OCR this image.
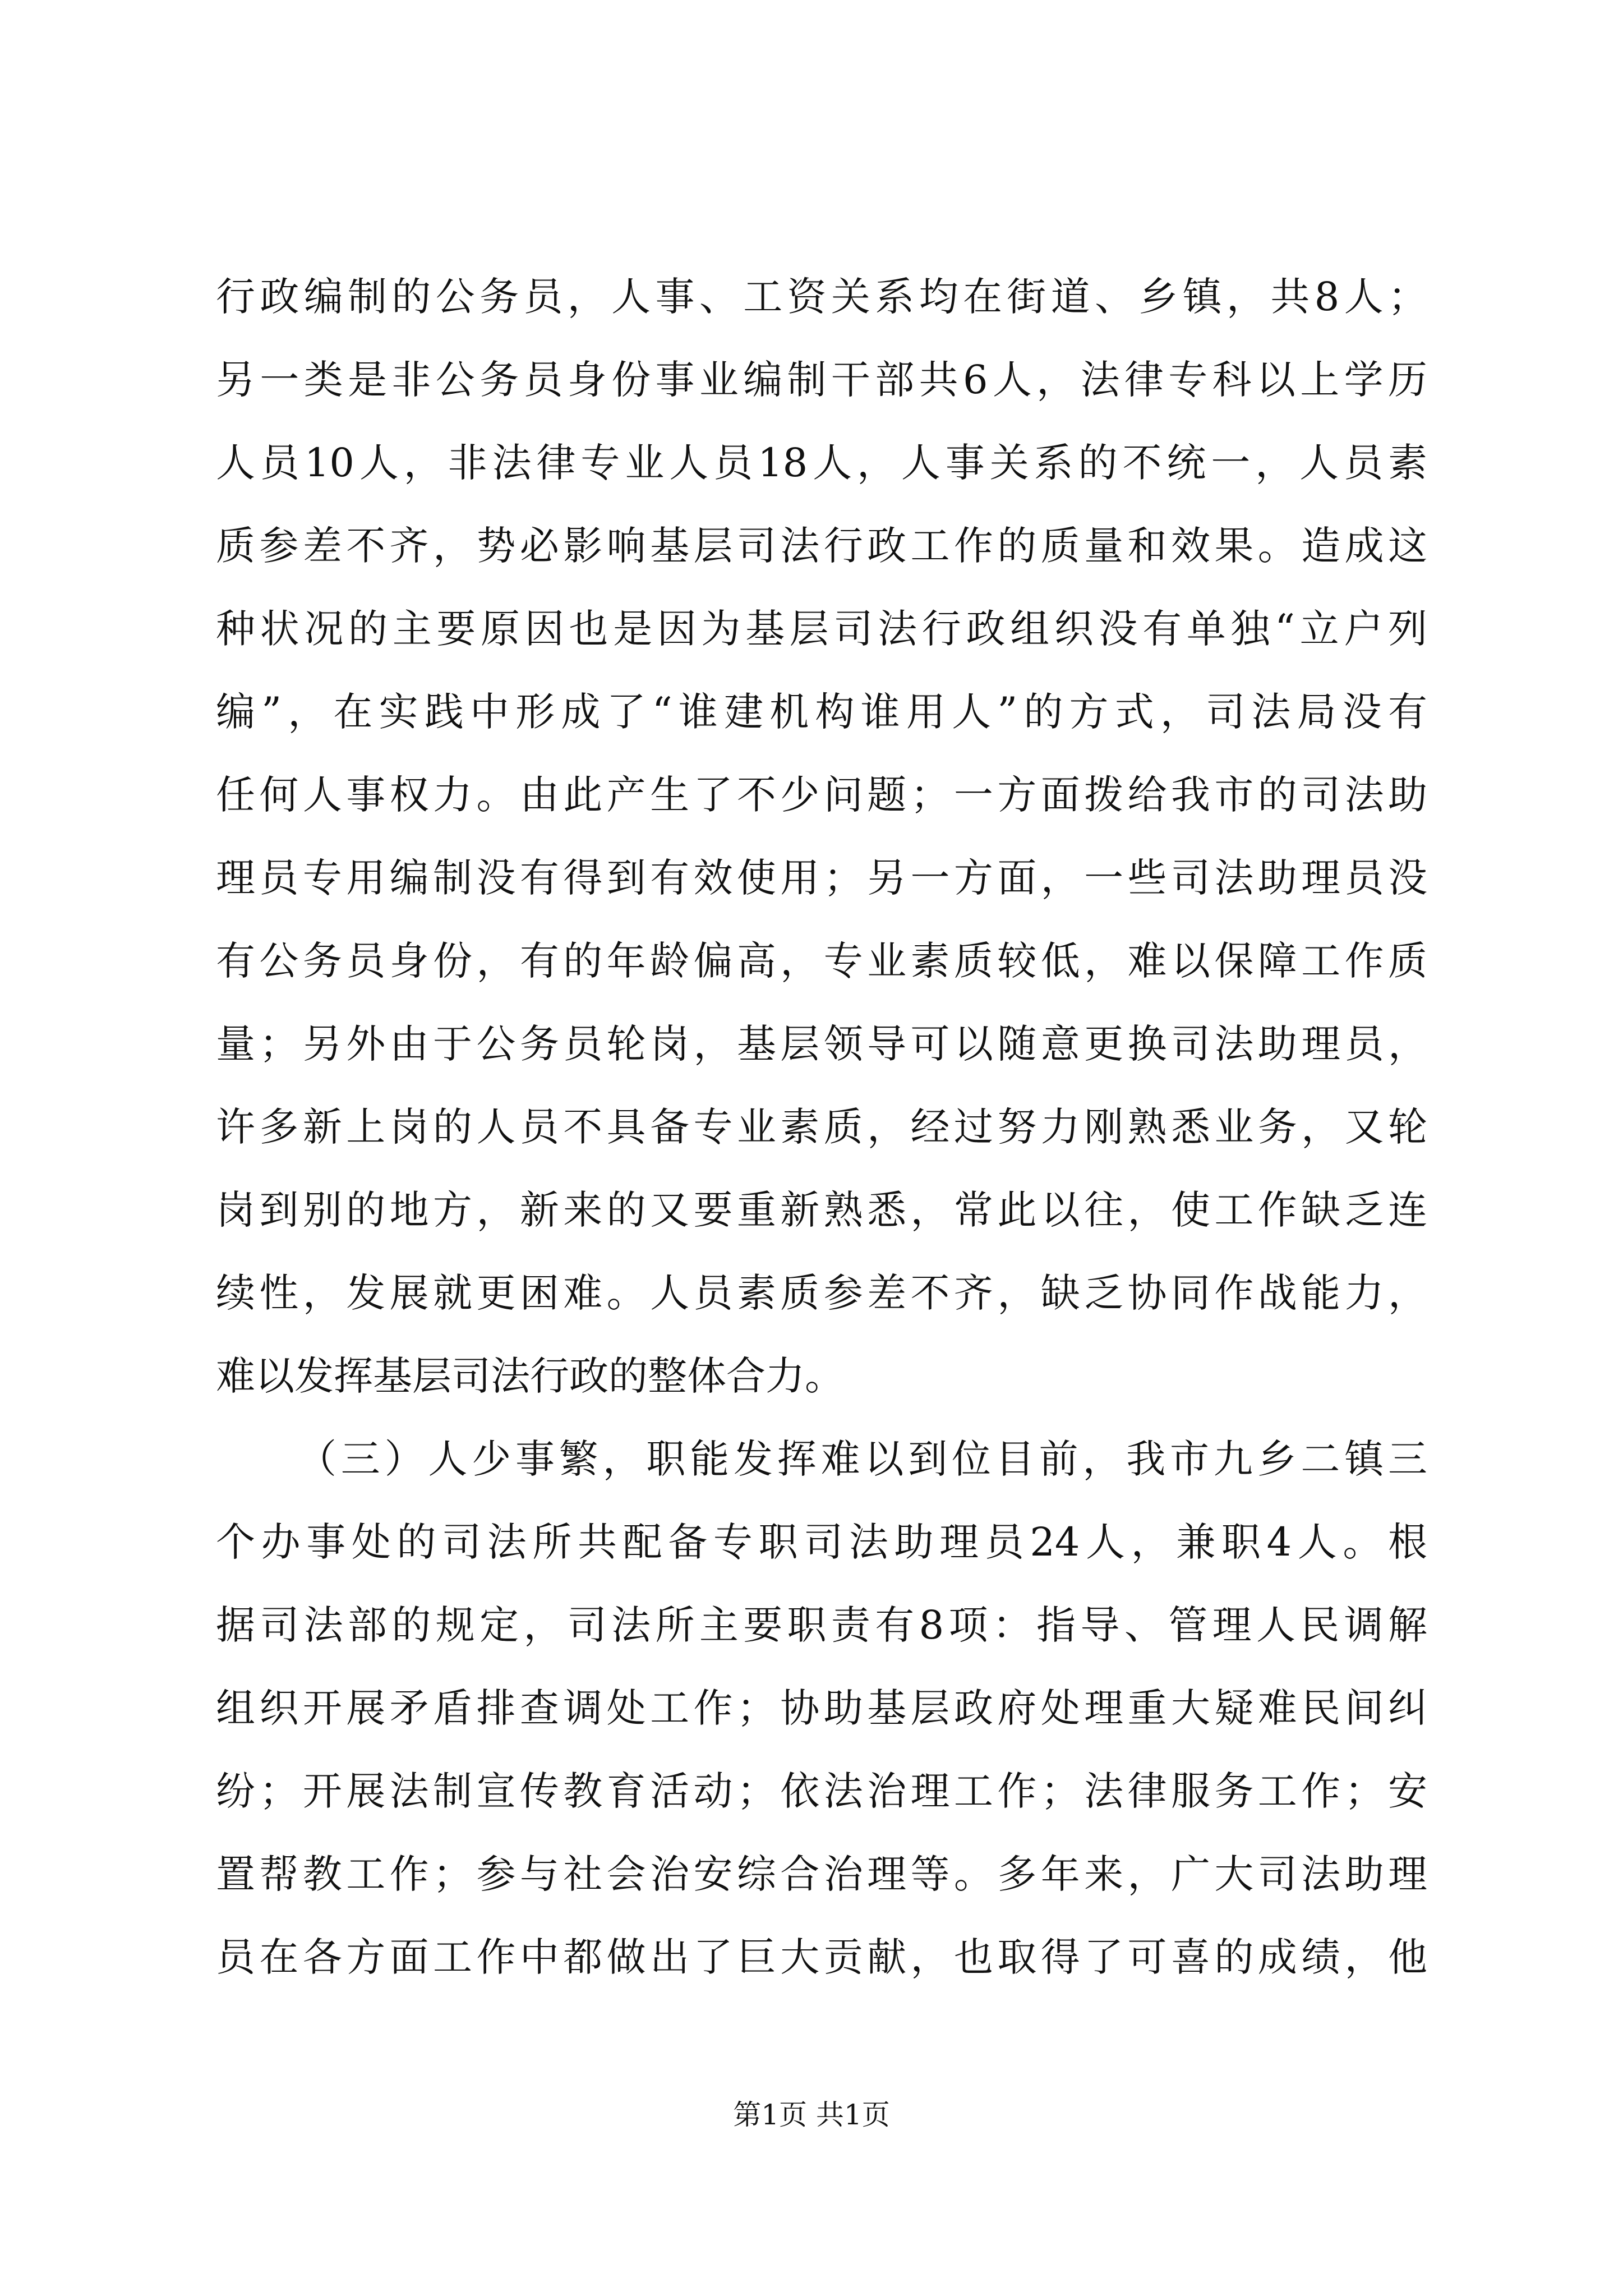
行政编制的公务员，人事、工资关系均在街道、乡镇，共8人；
另一类是非公务员身份事业编制干部共6人，法律专科以上学历
人员10人，非法律专业人员18人，人事关系的不统一，人员素
质参差不齐，势必影响基层司法行政工作的质量和效果。造成这
种状况的主要原因也是因为基层司法行政组织没有单独“立户列
编”，在实践中形成了“谁建机构谁用人”的方式，司法局没有
任何人事权力。由此产生了不少问题；一方面拨给我市的司法助
理员专用编制没有得到有效使用；另一方面，一些司法助理员没
有公务员身份，有的年龄偏高，专业素质较低，难以保障工作质
量；另外由于公务员轮岗，基层领导可以随意更换司法助理员，
许多新上岗的人员不具备专业素质，经过努力刚熟悉业务，又轮
岗到别的地方，新来的又要重新熟悉，常此以往，使工作缺乏连
续性，发展就更困难。人员素质参差不齐，缺乏协同作战能力，
难以发挥基层司法行政的整体合力。
（三）人少事繁，职能发挥难以到位目前，我市九乡二镇三
个办事处的司法所共配备专职司法助理员24人，兼职4人。根
据司法部的规定，司法所主要职责有8项：指导、管理人民调解
组织开展矛盾排查调处工作；协助基层政府处理重大疑难民间纠
纷；开展法制宣传教育活动；依法治理工作；法律服务工作；安
置帮教工作；参与社会治安综合治理等。多年来，广大司法助理
员在各方面工作中都做出了巨大贡献，也取得了可喜的成绩，他
第1页 共1页
